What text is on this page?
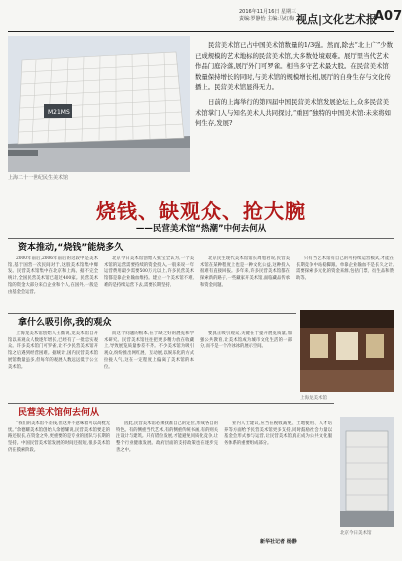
2016年11月16日 星期三
责编:罗静怡 主编:马红梅 视点|文化艺术报
A07
M21MS
上海二十一世纪民生美术馆

民营美术馆已占中国美术馆数量的1/3强。然而,除去“北上广”少数已成规模的艺术地标的民营美术馆,大多数处境艰难。展厅里当代艺术作品门庭冷落,展厅外门可罗雀。相当多守艺术最大股。在民营美术馆数量保持增长的同时,与美术馆的规模增长相,展厅的自身生存与文化传播上。民营美术馆显得无力。

日前的上海举行的第四届中国民营美术馆发展论坛上,众多民营美术馆掌门人与知名美术人共同探讨,“重回”独特的中国美术馆:未来将如何生存,发展?

烧钱、缺观众、抢大腕
——民营美术馆“热潮”中何去何从
资本推动,“烧钱”能烧多久

2000年前后,2006年前后的这段中是美术馆,基于国营一次民间对于,这股美术馆集中爆发。民营美术馆集中在北京和上海。据不完全统计,全国民营美术馆已超过400家。民营美术馆的资金大部分来自企业和个人,在国外,一般是由基金会运营。

北京今日美术馆创始人张宝全认为,一个美术馆的运营需要持续的资金投入,一般来说一年运营费用最少需要500万元以上,许多民营美术馆都是靠企业输血维持。建立一个美术馆不难,难的是持续运营下去,需要长期坚持,

北京民生现代美术馆馆长周旭君说,民营美术馆在某种程度上也是一种文化公益,这种投入很难有直接回报。多年来,许多民营美术馆都在探索新的路子,一些藏家开美术馆,面临藏品传承和资金问题。

只有当艺术馆有自己的可持续运营模式,才能在长期竞争中站稳脚跟。单靠企业输血不是长久之计,需要探索多元化的资金来源,包括门票、衍生品和赞助等。

拿什么吸引你,我的观众

上海龙美术馆创始人王薇说,龙美术馆自开馆以来观众人数逐年增长,已经有了一批忠实观众。许多美术馆门可罗雀,让不少民营美术馆开馆之后遇到经营困难。据统计,国内民营美术馆展馆数量虽多,但每年的观展人数远远低于公立美术馆。

而这个问题的根本,在于缺乏好的展览和学术研究。民营美术馆往往把更多精力放在收藏上,导致展览质量参差不齐。不少美术馆为吸引观众,纷纷推出网红展、互动展,以娱乐化的方式拉拢人气,这在一定程度上偏离了美术馆的本位。

要真正吸引观众,关键在于提升展览质量,加强公共教育,让美术馆成为城市文化生活的一部分,而不是一个冷冰冰的展示空间。

上海龙美术馆
民营美术馆何去何从

“我们的美术馆不差钱,但这并不意味着可以高枕无忧。”余德耀美术馆创始人余德耀说,民营美术馆要走的路还很长,在资金之外,更重要的是专业的团队与长期的坚持。中国民营美术馆发展的时间还很短,很多美术馆仍在摸索阶段。

因此,民营美术馆必须找准自己的定位,形成各自的特色。有的侧重当代艺术,有的侧重传统书画,有的则关注设计与建筑。只有错位发展,才能避免同质化竞争,让整个行业健康发展。政府层面的支持政策也在逐步完善之中。

业内人士建议,应当在税收减免、土地使用、人才培养等方面给予民营美术馆更多支持,同时鼓励社会力量以基金会形式参与运营,让民营美术馆真正成为公共文化服务体系的重要组成部分。

北京今日美术馆
新华社记者 杨静
